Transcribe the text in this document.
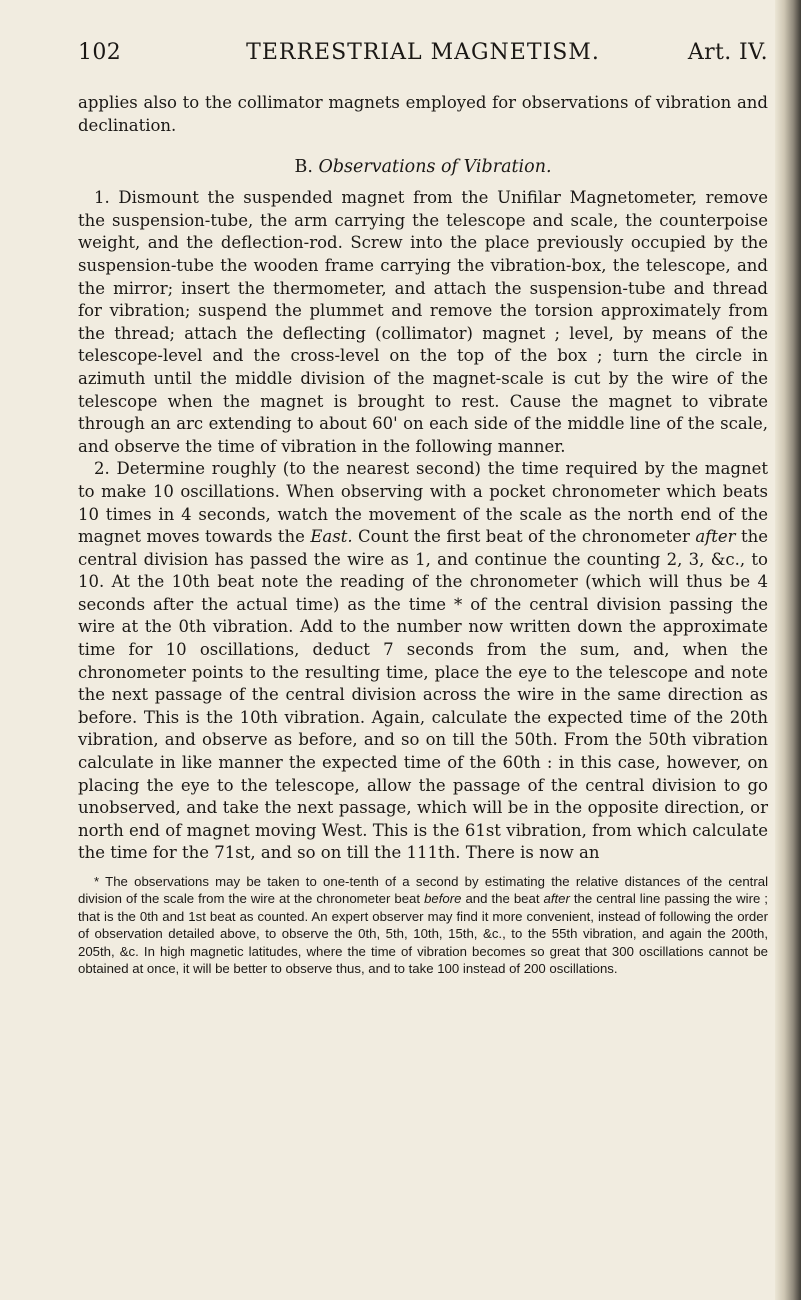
102	TERRESTRIAL MAGNETISM.	Art. IV.
applies also to the collimator magnets employed for observations of vibration and declination.
B. Observations of Vibration.

1. Dismount the suspended magnet from the Unifilar Magnetometer, remove the suspension-tube, the arm carrying the telescope and scale, the counterpoise weight, and the deflection-rod. Screw into the place previously occupied by the suspension-tube the wooden frame carrying the vibration-box, the telescope, and the mirror; insert the thermometer, and attach the suspension-tube and thread for vibration; suspend the plummet and remove the torsion approximately from the thread; attach the deflecting (collimator) magnet ; level, by means of the telescope-level and the cross-level on the top of the box ; turn the circle in azimuth until the middle division of the magnet-scale is cut by the wire of the telescope when the magnet is brought to rest. Cause the magnet to vibrate through an arc extending to about 60' on each side of the middle line of the scale, and observe the time of vibration in the following manner.

2. Determine roughly (to the nearest second) the time required by the magnet to make 10 oscillations. When observing with a pocket chronometer which beats 10 times in 4 seconds, watch the movement of the scale as the north end of the magnet moves towards the East. Count the first beat of the chronometer after the central division has passed the wire as 1, and continue the counting 2, 3, &c., to 10. At the 10th beat note the reading of the chronometer (which will thus be 4 seconds after the actual time) as the time * of the central division passing the wire at the 0th vibration. Add to the number now written down the approximate time for 10 oscillations, deduct 7 seconds from the sum, and, when the chronometer points to the resulting time, place the eye to the telescope and note the next passage of the central division across the wire in the same direction as before. This is the 10th vibration. Again, calculate the expected time of the 20th vibration, and observe as before, and so on till the 50th. From the 50th vibration calculate in like manner the expected time of the 60th : in this case, however, on placing the eye to the telescope, allow the passage of the central division to go unobserved, and take the next passage, which will be in the opposite direction, or north end of magnet moving West. This is the 61st vibration, from which calculate the time for the 71st, and so on till the 111th. There is now an

* The observations may be taken to one-tenth of a second by estimating the relative distances of the central division of the scale from the wire at the chronometer beat before and the beat after the central line passing the wire ; that is the 0th and 1st beat as counted. An expert observer may find it more convenient, instead of following the order of observation detailed above, to observe the 0th, 5th, 10th, 15th, &c., to the 55th vibration, and again the 200th, 205th, &c. In high magnetic latitudes, where the time of vibration becomes so great that 300 oscillations cannot be obtained at once, it will be better to observe thus, and to take 100 instead of 200 oscillations.
